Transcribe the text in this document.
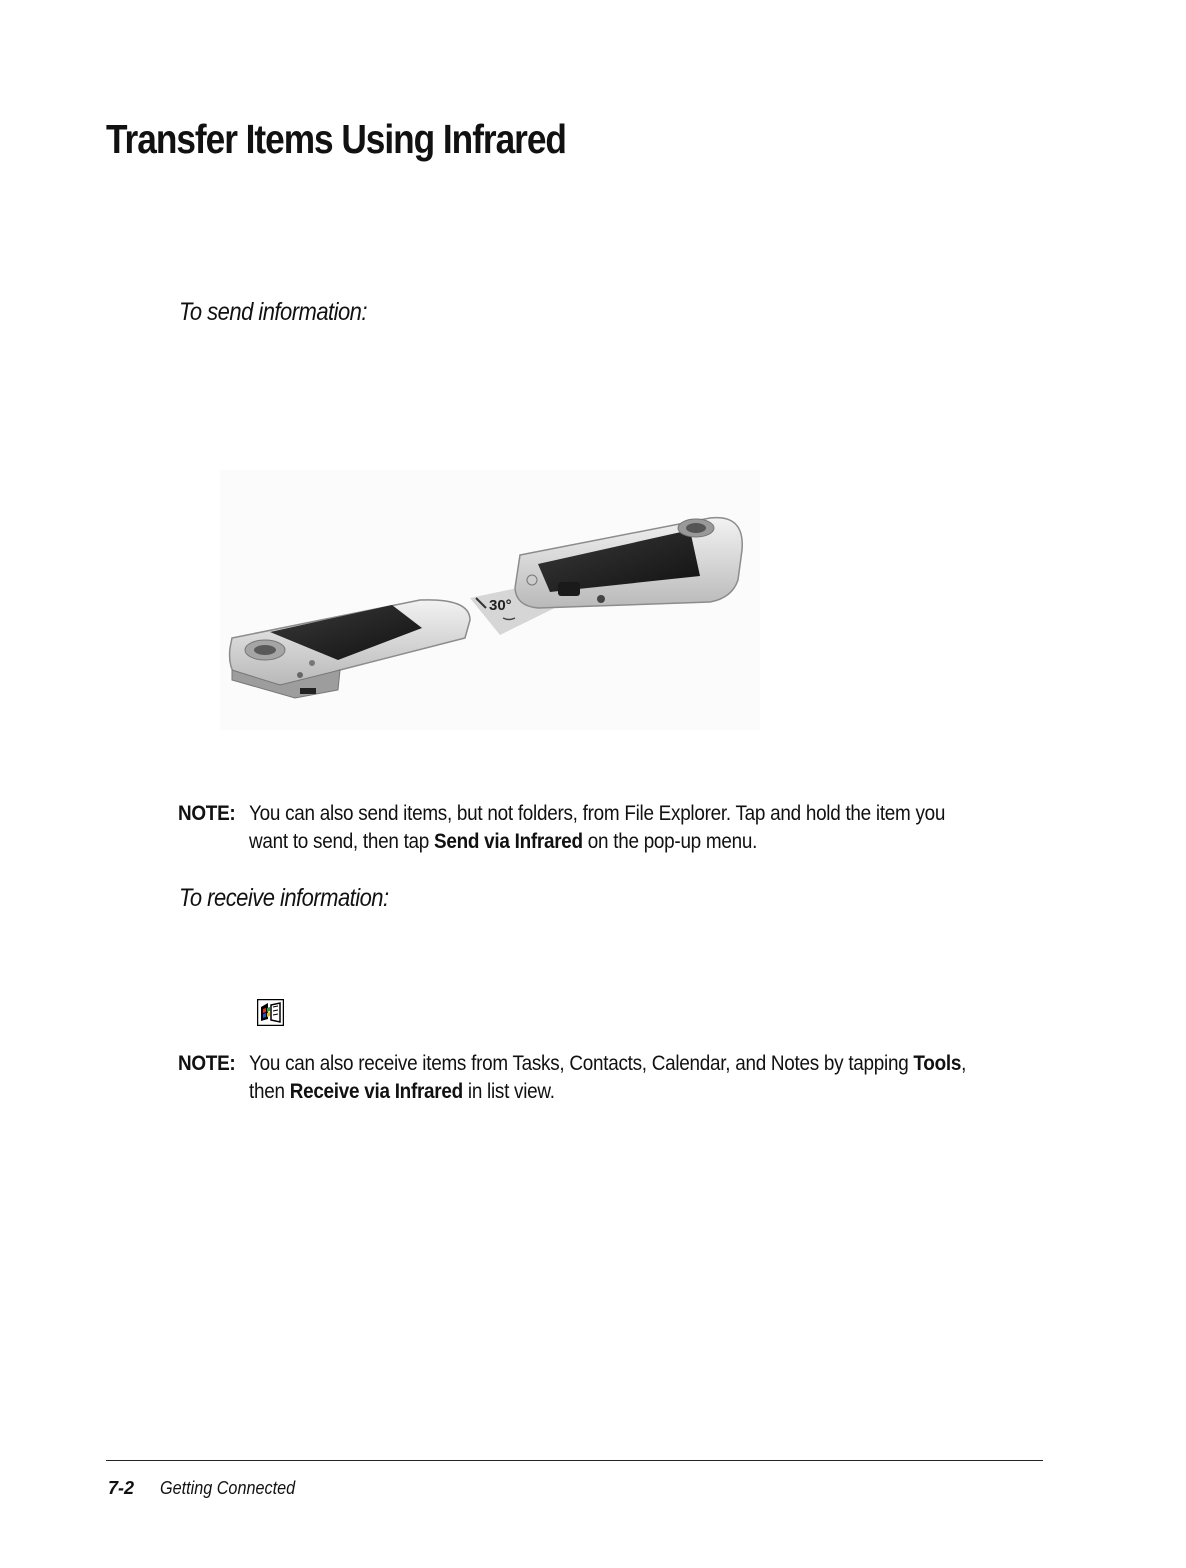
Transfer Items Using Infrared
To send information:
30°
NOTE: You can also send items, but not folders, from File Explorer. Tap and hold the item you
want to send, then tap Send via Infrared on the pop-up menu.
To receive information:
NOTE: You can also receive items from Tasks, Contacts, Calendar, and Notes by tapping Tools,
then Receive via Infrared in list view.
7-2 Getting Connected
